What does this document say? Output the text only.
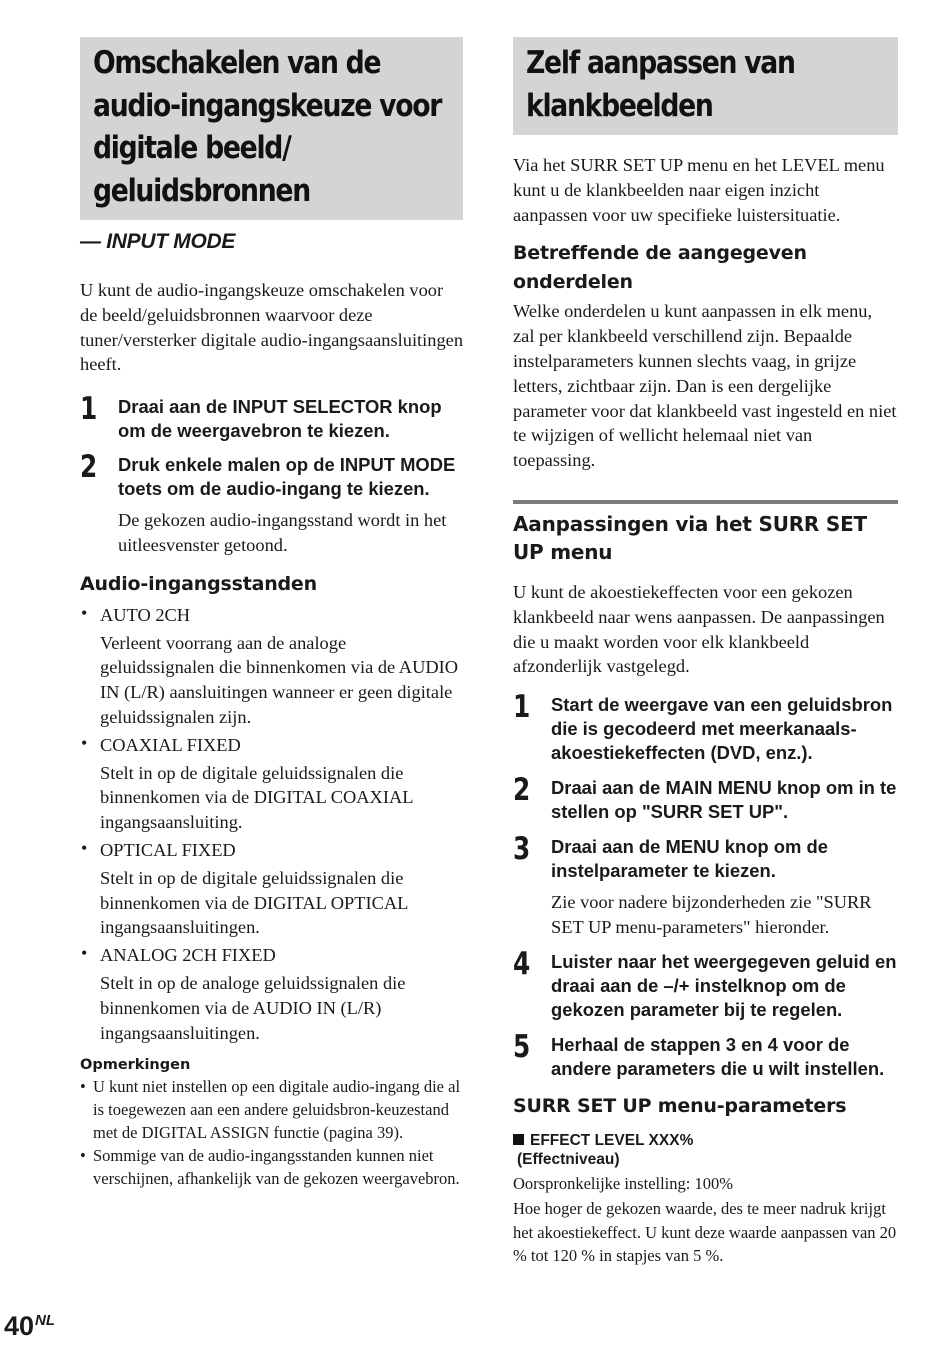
Omschakelen van de audio-ingangskeuze voor digitale beeld/ geluidsbronnen
— INPUT MODE

U kunt de audio-ingangskeuze omschakelen voor de beeld/geluidsbronnen waarvoor deze tuner/versterker digitale audio-ingangsaansluitingen heeft.

1 Draai aan de INPUT SELECTOR knop om de weergavebron te kiezen.
2 Druk enkele malen op de INPUT MODE toets om de audio-ingang te kiezen.

De gekozen audio-ingangsstand wordt in het uitleesvenster getoond.

Audio-ingangsstanden
• AUTO 2CH
Verleent voorrang aan de analoge geluidssignalen die binnenkomen via de AUDIO IN (L/R) aansluitingen wanneer er geen digitale geluidssignalen zijn.
• COAXIAL FIXED
Stelt in op de digitale geluidssignalen die binnenkomen via de DIGITAL COAXIAL ingangsaansluiting.
• OPTICAL FIXED
Stelt in op de digitale geluidssignalen die binnenkomen via de DIGITAL OPTICAL ingangsaansluitingen.
• ANALOG 2CH FIXED
Stelt in op de analoge geluidssignalen die binnenkomen via de AUDIO IN (L/R) ingangsaansluitingen.
Opmerkingen
• U kunt niet instellen op een digitale audio-ingang die al is toegewezen aan een andere geluidsbron-keuzestand met de DIGITAL ASSIGN functie (pagina 39).
• Sommige van de audio-ingangsstanden kunnen niet verschijnen, afhankelijk van de gekozen weergavebron.
Zelf aanpassen van klankbeelden

Via het SURR SET UP menu en het LEVEL menu kunt u de klankbeelden naar eigen inzicht aanpassen voor uw specifieke luistersituatie.

Betreffende de aangegeven onderdelen

Welke onderdelen u kunt aanpassen in elk menu, zal per klankbeeld verschillend zijn. Bepaalde instelparameters kunnen slechts vaag, in grijze letters, zichtbaar zijn. Dan is een dergelijke parameter voor dat klankbeeld vast ingesteld en niet te wijzigen of wellicht helemaal niet van toepassing.

Aanpassingen via het SURR SET UP menu

U kunt de akoestiekeffecten voor een gekozen klankbeeld naar wens aanpassen. De aanpassingen die u maakt worden voor elk klankbeeld afzonderlijk vastgelegd.

1 Start de weergave van een geluidsbron die is gecodeerd met meerkanaals-akoestiekeffecten (DVD, enz.).
2 Draai aan de MAIN MENU knop om in te stellen op "SURR SET UP".
3 Draai aan de MENU knop om de instelparameter te kiezen.

Zie voor nadere bijzonderheden zie "SURR SET UP menu-parameters" hieronder.

4 Luister naar het weergegeven geluid en draai aan de –/+ instelknop om de gekozen parameter bij te regelen.
5 Herhaal de stappen 3 en 4 voor de andere parameters die u wilt instellen.
SURR SET UP menu-parameters
EFFECT LEVEL XXX%
(Effectniveau)

Oorspronkelijke instelling: 100%

Hoe hoger de gekozen waarde, des te meer nadruk krijgt het akoestiekeffect. U kunt deze waarde aanpassen van 20 % tot 120 % in stapjes van 5 %.

$40^{NL}$
